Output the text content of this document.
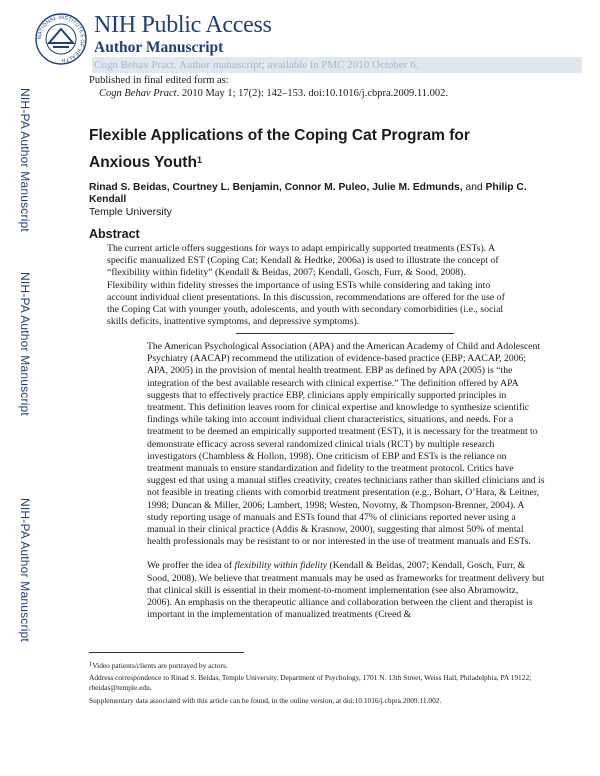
NATIONAL INSTITUTES OF HEALTH
NIH Public Access
Author Manuscript
Cogn Behav Pract. Author manuscript; available in PMC 2010 October 6.
Published in final edited form as:
Cogn Behav Pract. 2010 May 1; 17(2): 142–153. doi:10.1016/j.cbpra.2009.11.002.
NIH-PA Author Manuscript
NIH-PA Author Manuscript
NIH-PA Author Manuscript
Flexible Applications of the Coping Cat Program for Anxious Youth$^1$
Rinad S. Beidas, Courtney L. Benjamin, Connor M. Puleo, Julie M. Edmunds, and Philip C. Kendall
Temple University
Abstract

The current article offers suggestions for ways to adapt empirically supported treatments (ESTs). A specific manualized EST (Coping Cat; Kendall & Hedtke, 2006a) is used to illustrate the concept of “flexibility within fidelity” (Kendall & Beidas, 2007; Kendall, Gosch, Furr, & Sood, 2008). Flexibility within fidelity stresses the importance of using ESTs while considering and taking into account individual client presentations. In this discussion, recommendations are offered for the use of the Coping Cat with younger youth, adolescents, and youth with secondary comorbidities (i.e., social skills deficits, inattentive symptoms, and depressive symptoms).

The American Psychological Association (APA) and the American Academy of Child and Adolescent Psychiatry (AACAP) recommend the utilization of evidence-based practice (EBP; AACAP, 2006; APA, 2005) in the provision of mental health treatment. EBP as defined by APA (2005) is “the integration of the best available research with clinical expertise.” The definition offered by APA suggests that to effectively practice EBP, clinicians apply empirically supported principles in treatment. This definition leaves room for clinical expertise and knowledge to synthesize scientific findings while taking into account individual client characteristics, situations, and needs. For a treatment to be deemed an empirically supported treatment (EST), it is necessary for the treatment to demonstrate efficacy across several randomized clinical trials (RCT) by multiple research investigators (Chambless & Hollon, 1998). One criticism of EBP and ESTs is the reliance on treatment manuals to ensure standardization and fidelity to the treatment protocol. Critics have suggest ed that using a manual stifles creativity, creates technicians rather than skilled clinicians and is not feasible in treating clients with comorbid treatment presentation (e.g., Bohart, O’Hara, & Leitner, 1998; Duncan & Miller, 2006; Lambert, 1998; Westen, Novotny, & Thompson-Brenner, 2004). A study reporting usage of manuals and ESTs found that 47% of clinicians reported never using a manual in their clinical practice (Addis & Krasnow, 2000), suggesting that almost 50% of mental health professionals may be resistant to or nor interested in the use of treatment manuals and ESTs.

We proffer the idea of flexibility within fidelity (Kendall & Beidas, 2007; Kendall, Gosch, Furr, & Sood, 2008). We believe that treatment manuals may be used as frameworks for treatment delivery but that clinical skill is essential in their moment-to-moment implementation (see also Abramowitz, 2006). An emphasis on the therapeutic alliance and collaboration between the client and therapist is important in the implementation of manualized treatments (Creed &

$^1$Video patients/clients are portrayed by actors.

Address correspondence to Rinad S. Beidas, Temple University, Department of Psychology, 1701 N. 13th Street, Weiss Hall, Philadelphia, PA 19122; rbeidas@temple.edu.

Supplementary data associated with this article can be found, in the online version, at doi:10.1016/j.cbpra.2009.11.002.
